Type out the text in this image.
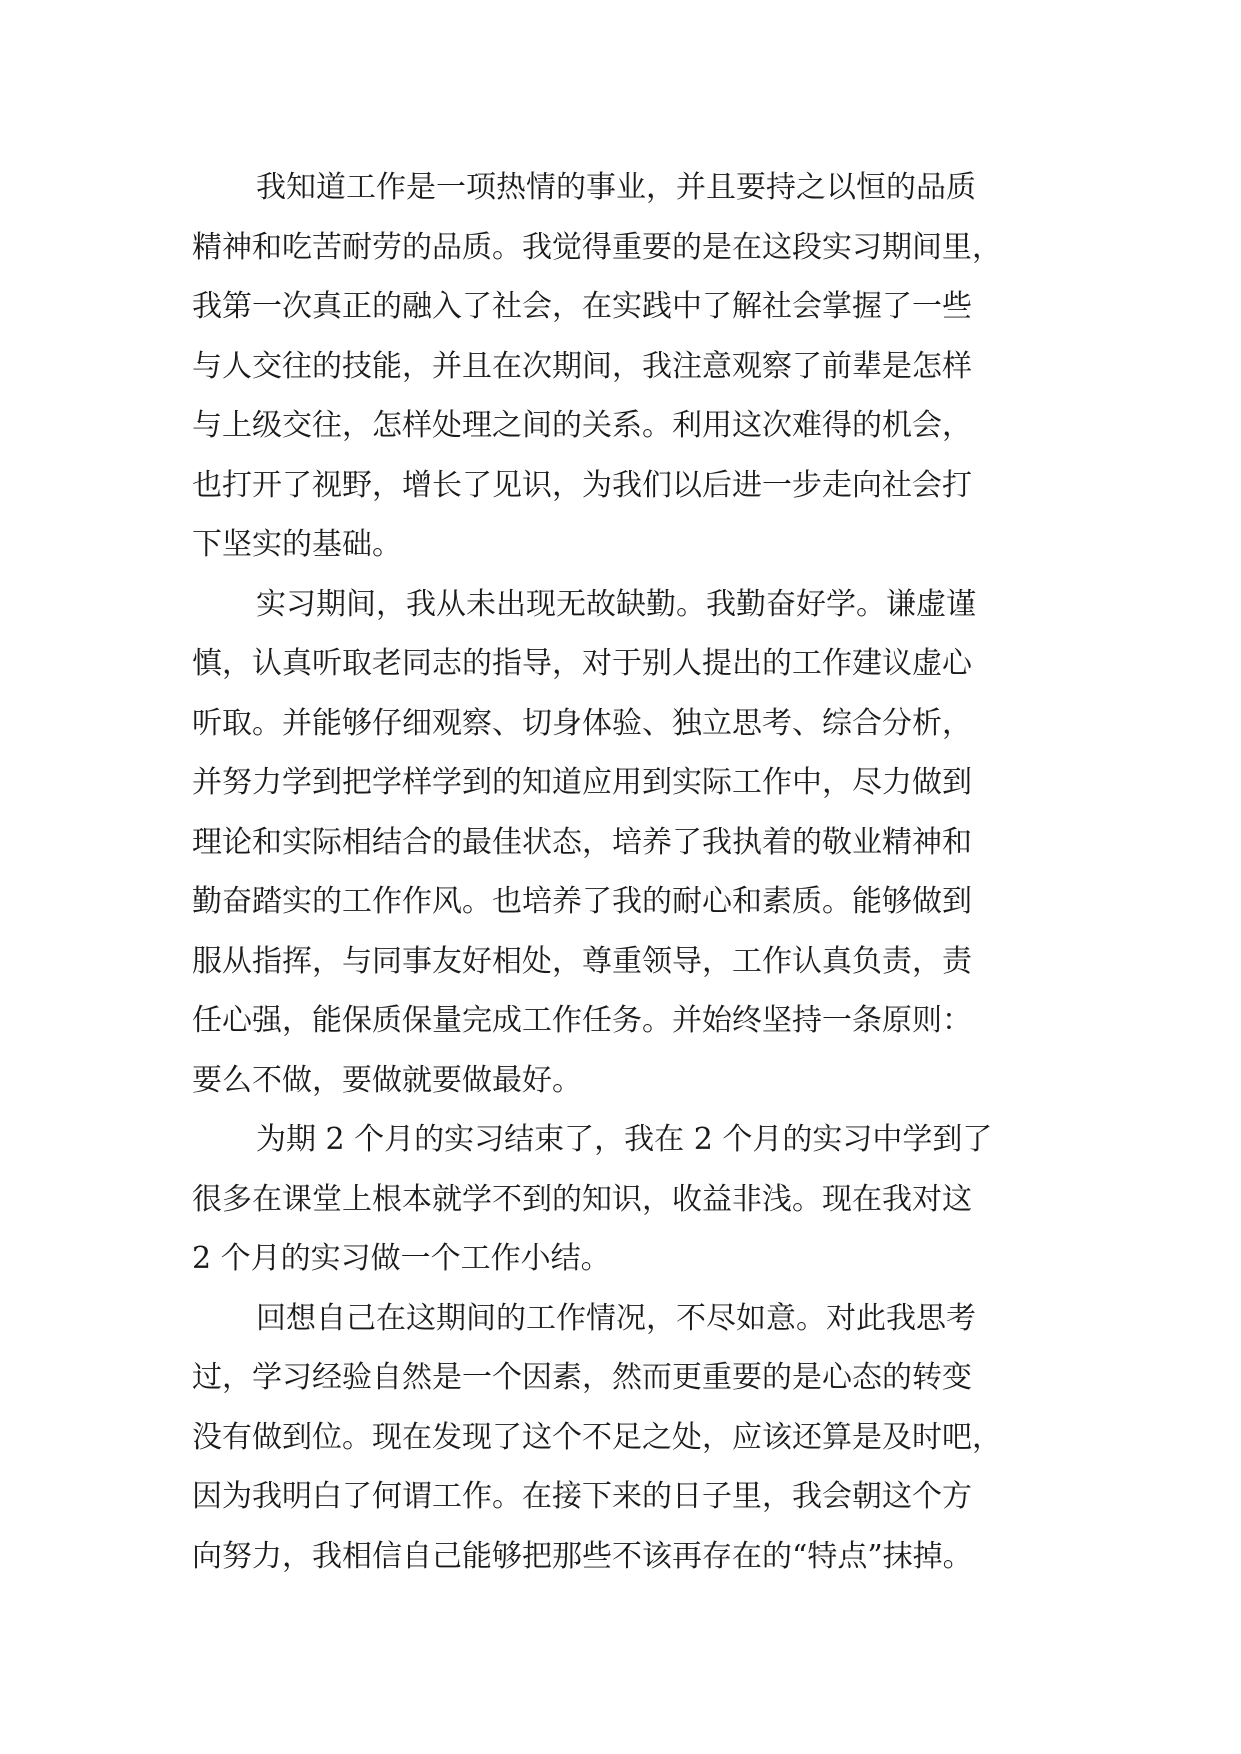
我知道工作是一项热情的事业，并且要持之以恒的品质
精神和吃苦耐劳的品质。我觉得重要的是在这段实习期间里，
我第一次真正的融入了社会，在实践中了解社会掌握了一些
与人交往的技能，并且在次期间，我注意观察了前辈是怎样
与上级交往，怎样处理之间的关系。利用这次难得的机会，
也打开了视野，增长了见识，为我们以后进一步走向社会打
下坚实的基础。
实习期间，我从未出现无故缺勤。我勤奋好学。谦虚谨
慎，认真听取老同志的指导，对于别人提出的工作建议虚心
听取。并能够仔细观察、切身体验、独立思考、综合分析，
并努力学到把学样学到的知道应用到实际工作中，尽力做到
理论和实际相结合的最佳状态，培养了我执着的敬业精神和
勤奋踏实的工作作风。也培养了我的耐心和素质。能够做到
服从指挥，与同事友好相处，尊重领导，工作认真负责，责
任心强，能保质保量完成工作任务。并始终坚持一条原则：
要么不做，要做就要做最好。
为期 2 个月的实习结束了，我在 2 个月的实习中学到了
很多在课堂上根本就学不到的知识，收益非浅。现在我对这
2 个月的实习做一个工作小结。
回想自己在这期间的工作情况，不尽如意。对此我思考
过，学习经验自然是一个因素，然而更重要的是心态的转变
没有做到位。现在发现了这个不足之处，应该还算是及时吧，
因为我明白了何谓工作。在接下来的日子里，我会朝这个方
向努力，我相信自己能够把那些不该再存在的“特点”抹掉。
